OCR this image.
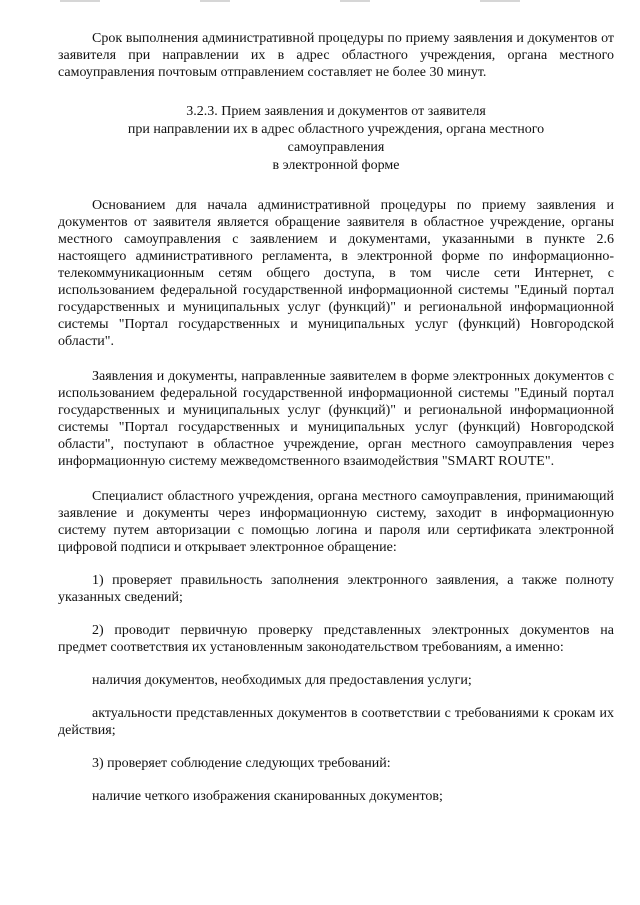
Срок выполнения административной процедуры по приему заявления и документов от заявителя при направлении их в адрес областного учреждения, органа местного самоуправления почтовым отправлением составляет не более 30 минут.

3.2.3. Прием заявления и документов от заявителя
при направлении их в адрес областного учреждения, органа местного
самоуправления
в электронной форме

Основанием для начала административной процедуры по приему заявления и документов от заявителя является обращение заявителя в областное учреждение, органы местного самоуправления с заявлением и документами, указанными в пункте 2.6 настоящего административного регламента, в электронной форме по информационно-телекоммуникационным сетям общего доступа, в том числе сети Интернет, с использованием федеральной государственной информационной системы "Единый портал государственных и муниципальных услуг (функций)" и региональной информационной системы "Портал государственных и муниципальных услуг (функций) Новгородской области".

Заявления и документы, направленные заявителем в форме электронных документов с использованием федеральной государственной информационной системы "Единый портал государственных и муниципальных услуг (функций)" и региональной информационной системы "Портал государственных и муниципальных услуг (функций) Новгородской области", поступают в областное учреждение, орган местного самоуправления через информационную систему межведомственного взаимодействия "SMART ROUTE".

Специалист областного учреждения, органа местного самоуправления, принимающий заявление и документы через информационную систему, заходит в информационную систему путем авторизации с помощью логина и пароля или сертификата электронной цифровой подписи и открывает электронное обращение:

1) проверяет правильность заполнения электронного заявления, а также полноту указанных сведений;

2) проводит первичную проверку представленных электронных документов на предмет соответствия их установленным законодательством требованиям, а именно:

наличия документов, необходимых для предоставления услуги;

актуальности представленных документов в соответствии с требованиями к срокам их действия;

3) проверяет соблюдение следующих требований:

наличие четкого изображения сканированных документов;
